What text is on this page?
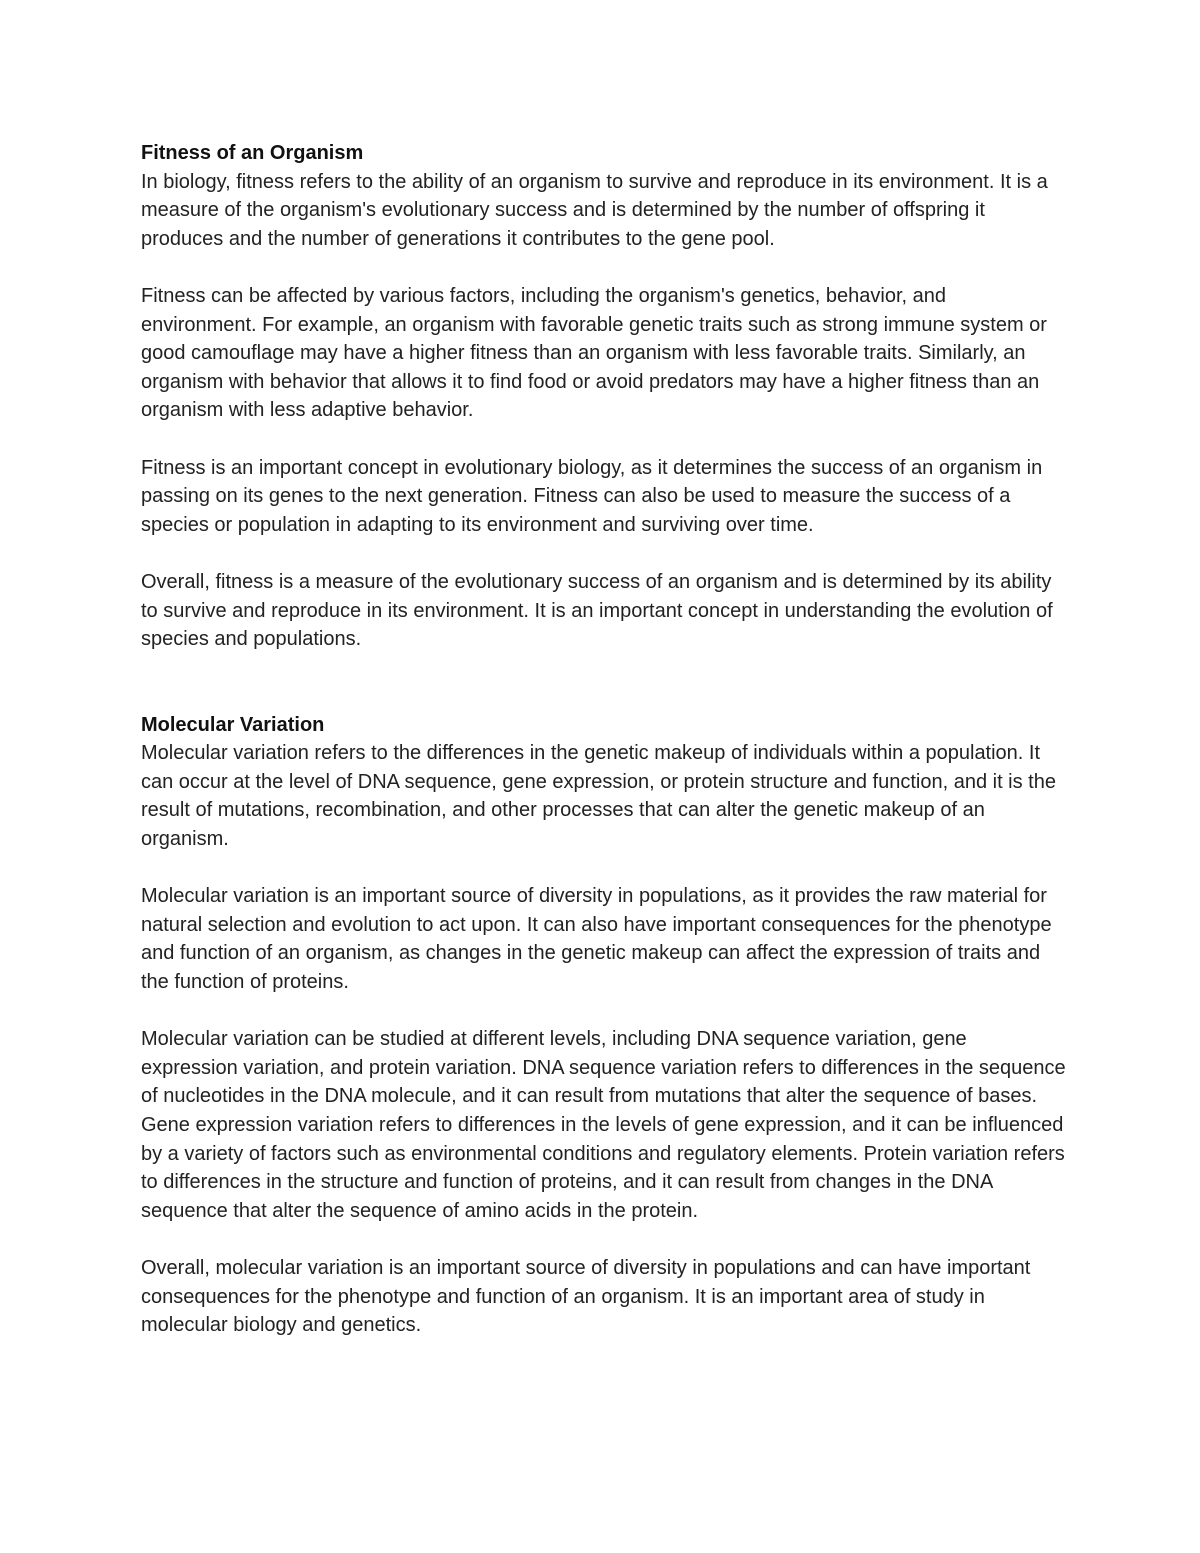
Fitness of an Organism

In biology, fitness refers to the ability of an organism to survive and reproduce in its environment. It is a measure of the organism's evolutionary success and is determined by the number of offspring it produces and the number of generations it contributes to the gene pool.

Fitness can be affected by various factors, including the organism's genetics, behavior, and environment. For example, an organism with favorable genetic traits such as strong immune system or good camouflage may have a higher fitness than an organism with less favorable traits. Similarly, an organism with behavior that allows it to find food or avoid predators may have a higher fitness than an organism with less adaptive behavior.

Fitness is an important concept in evolutionary biology, as it determines the success of an organism in passing on its genes to the next generation. Fitness can also be used to measure the success of a species or population in adapting to its environment and surviving over time.

Overall, fitness is a measure of the evolutionary success of an organism and is determined by its ability to survive and reproduce in its environment. It is an important concept in understanding the evolution of species and populations.

Molecular Variation

Molecular variation refers to the differences in the genetic makeup of individuals within a population. It can occur at the level of DNA sequence, gene expression, or protein structure and function, and it is the result of mutations, recombination, and other processes that can alter the genetic makeup of an organism.

Molecular variation is an important source of diversity in populations, as it provides the raw material for natural selection and evolution to act upon. It can also have important consequences for the phenotype and function of an organism, as changes in the genetic makeup can affect the expression of traits and the function of proteins.

Molecular variation can be studied at different levels, including DNA sequence variation, gene expression variation, and protein variation. DNA sequence variation refers to differences in the sequence of nucleotides in the DNA molecule, and it can result from mutations that alter the sequence of bases. Gene expression variation refers to differences in the levels of gene expression, and it can be influenced by a variety of factors such as environmental conditions and regulatory elements. Protein variation refers to differences in the structure and function of proteins, and it can result from changes in the DNA sequence that alter the sequence of amino acids in the protein.

Overall, molecular variation is an important source of diversity in populations and can have important consequences for the phenotype and function of an organism. It is an important area of study in molecular biology and genetics.
